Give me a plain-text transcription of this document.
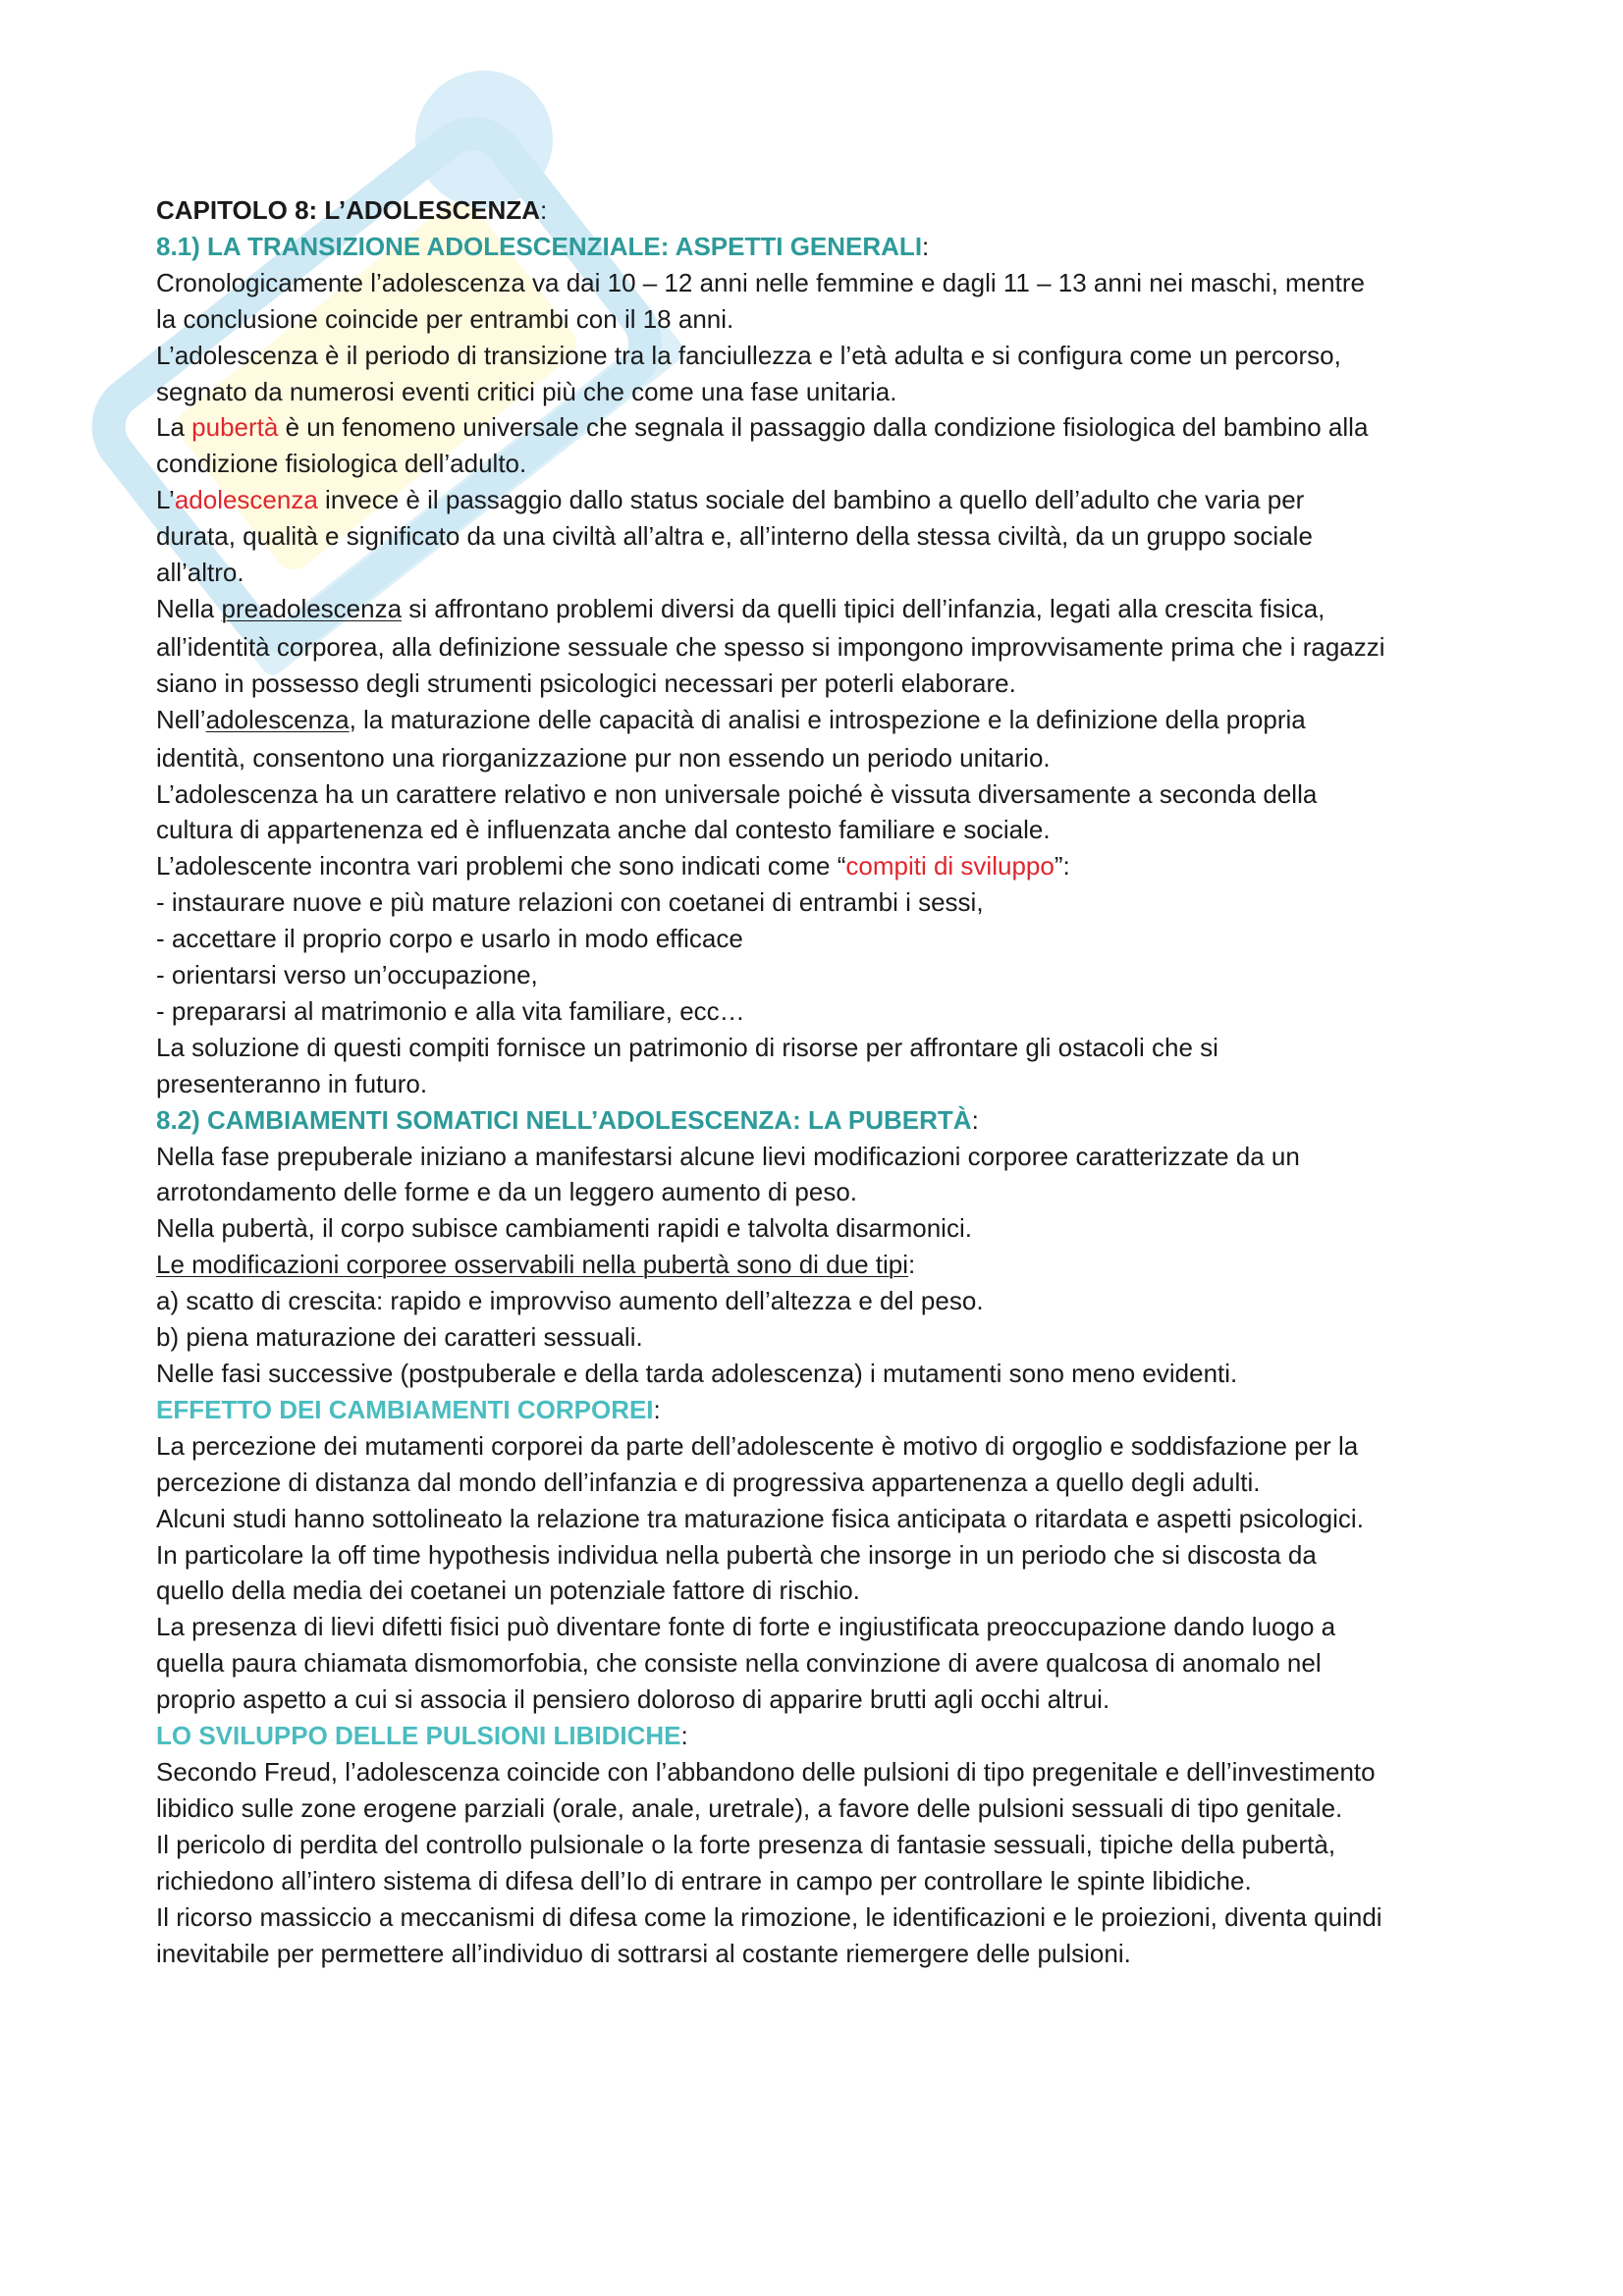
CAPITOLO 8: L’ADOLESCENZA:
8.1) LA TRANSIZIONE ADOLESCENZIALE: ASPETTI GENERALI:
Cronologicamente l’adolescenza va dai 10 – 12 anni nelle femmine e dagli 11 – 13 anni nei maschi, mentre
la conclusione coincide per entrambi con il 18 anni.
L’adolescenza è il periodo di transizione tra la fanciullezza e l’età adulta e si configura come un percorso,
segnato da numerosi eventi critici più che come una fase unitaria.
La pubertà è un fenomeno universale che segnala il passaggio dalla condizione fisiologica del bambino alla
condizione fisiologica dell’adulto.
L’adolescenza invece è il passaggio dallo status sociale del bambino a quello dell’adulto che varia per
durata, qualità e significato da una civiltà all’altra e, all’interno della stessa civiltà, da un gruppo sociale
all’altro.
Nella preadolescenza si affrontano problemi diversi da quelli tipici dell’infanzia, legati alla crescita fisica,
all’identità corporea, alla definizione sessuale che spesso si impongono improvvisamente prima che i ragazzi
siano in possesso degli strumenti psicologici necessari per poterli elaborare.
Nell’adolescenza, la maturazione delle capacità di analisi e introspezione e la definizione della propria
identità, consentono una riorganizzazione pur non essendo un periodo unitario.
L’adolescenza ha un carattere relativo e non universale poiché è vissuta diversamente a seconda della
cultura di appartenenza ed è influenzata anche dal contesto familiare e sociale.
L’adolescente incontra vari problemi che sono indicati come “compiti di sviluppo”:
- instaurare nuove e più mature relazioni con coetanei di entrambi i sessi,
- accettare il proprio corpo e usarlo in modo efficace
- orientarsi verso un’occupazione,
- prepararsi al matrimonio e alla vita familiare, ecc…
La soluzione di questi compiti fornisce un patrimonio di risorse per affrontare gli ostacoli che si
presenteranno in futuro.
8.2) CAMBIAMENTI SOMATICI NELL’ADOLESCENZA: LA PUBERTÀ:
Nella fase prepuberale iniziano a manifestarsi alcune lievi modificazioni corporee caratterizzate da un
arrotondamento delle forme e da un leggero aumento di peso.
Nella pubertà, il corpo subisce cambiamenti rapidi e talvolta disarmonici.
Le modificazioni corporee osservabili nella pubertà sono di due tipi:
a) scatto di crescita: rapido e improvviso aumento dell’altezza e del peso.
b) piena maturazione dei caratteri sessuali.
Nelle fasi successive (postpuberale e della tarda adolescenza) i mutamenti sono meno evidenti.
EFFETTO DEI CAMBIAMENTI CORPOREI:
La percezione dei mutamenti corporei da parte dell’adolescente è motivo di orgoglio e soddisfazione per la
percezione di distanza dal mondo dell’infanzia e di progressiva appartenenza a quello degli adulti.
Alcuni studi hanno sottolineato la relazione tra maturazione fisica anticipata o ritardata e aspetti psicologici.
In particolare la off time hypothesis individua nella pubertà che insorge in un periodo che si discosta da
quello della media dei coetanei un potenziale fattore di rischio.
La presenza di lievi difetti fisici può diventare fonte di forte e ingiustificata preoccupazione dando luogo a
quella paura chiamata dismomorfobia, che consiste nella convinzione di avere qualcosa di anomalo nel
proprio aspetto a cui si associa il pensiero doloroso di apparire brutti agli occhi altrui.
LO SVILUPPO DELLE PULSIONI LIBIDICHE:
Secondo Freud, l’adolescenza coincide con l’abbandono delle pulsioni di tipo pregenitale e dell’investimento
libidico sulle zone erogene parziali (orale, anale, uretrale), a favore delle pulsioni sessuali di tipo genitale.
Il pericolo di perdita del controllo pulsionale o la forte presenza di fantasie sessuali, tipiche della pubertà,
richiedono all’intero sistema di difesa dell’Io di entrare in campo per controllare le spinte libidiche.
Il ricorso massiccio a meccanismi di difesa come la rimozione, le identificazioni e le proiezioni, diventa quindi
inevitabile per permettere all’individuo di sottrarsi al costante riemergere delle pulsioni.
